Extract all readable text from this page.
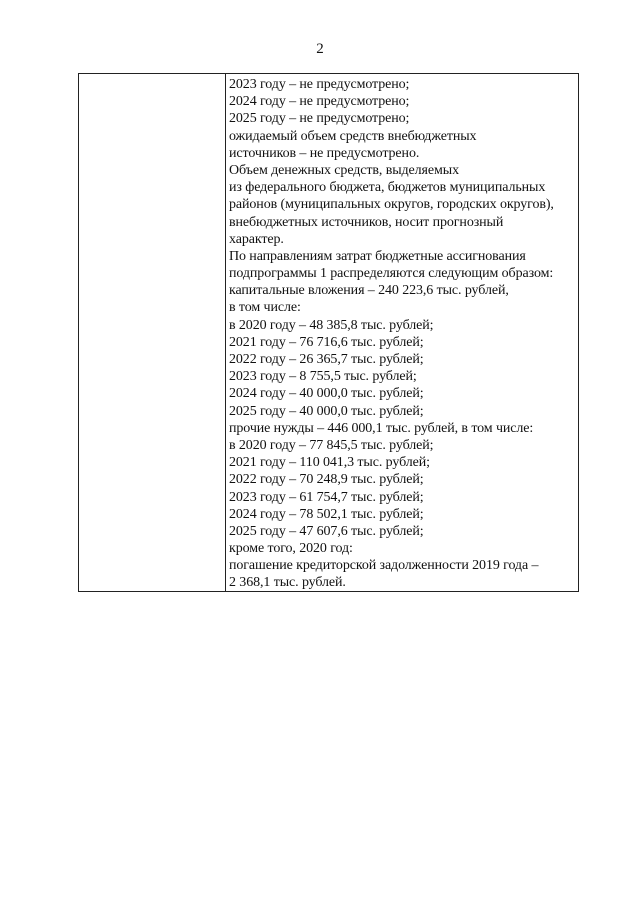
2
2023 году – не предусмотрено;
2024 году – не предусмотрено;
2025 году – не предусмотрено;
ожидаемый объем средств внебюджетных
источников – не предусмотрено.
Объем денежных средств, выделяемых
из федерального бюджета, бюджетов муниципальных
районов (муниципальных округов, городских округов),
внебюджетных источников, носит прогнозный
характер.
По направлениям затрат бюджетные ассигнования
подпрограммы 1 распределяются следующим образом:
капитальные вложения – 240 223,6 тыс. рублей,
в том числе:
в 2020 году – 48 385,8 тыс. рублей;
2021 году – 76 716,6 тыс. рублей;
2022 году – 26 365,7 тыс. рублей;
2023 году – 8 755,5 тыс. рублей;
2024 году – 40 000,0 тыс. рублей;
2025 году – 40 000,0 тыс. рублей;
прочие нужды – 446 000,1 тыс. рублей, в том числе:
в 2020 году – 77 845,5 тыс. рублей;
2021 году – 110 041,3 тыс. рублей;
2022 году – 70 248,9 тыс. рублей;
2023 году – 61 754,7 тыс. рублей;
2024 году – 78 502,1 тыс. рублей;
2025 году – 47 607,6 тыс. рублей;
кроме того, 2020 год:
погашение кредиторской задолженности 2019 года –
2 368,1 тыс. рублей.
